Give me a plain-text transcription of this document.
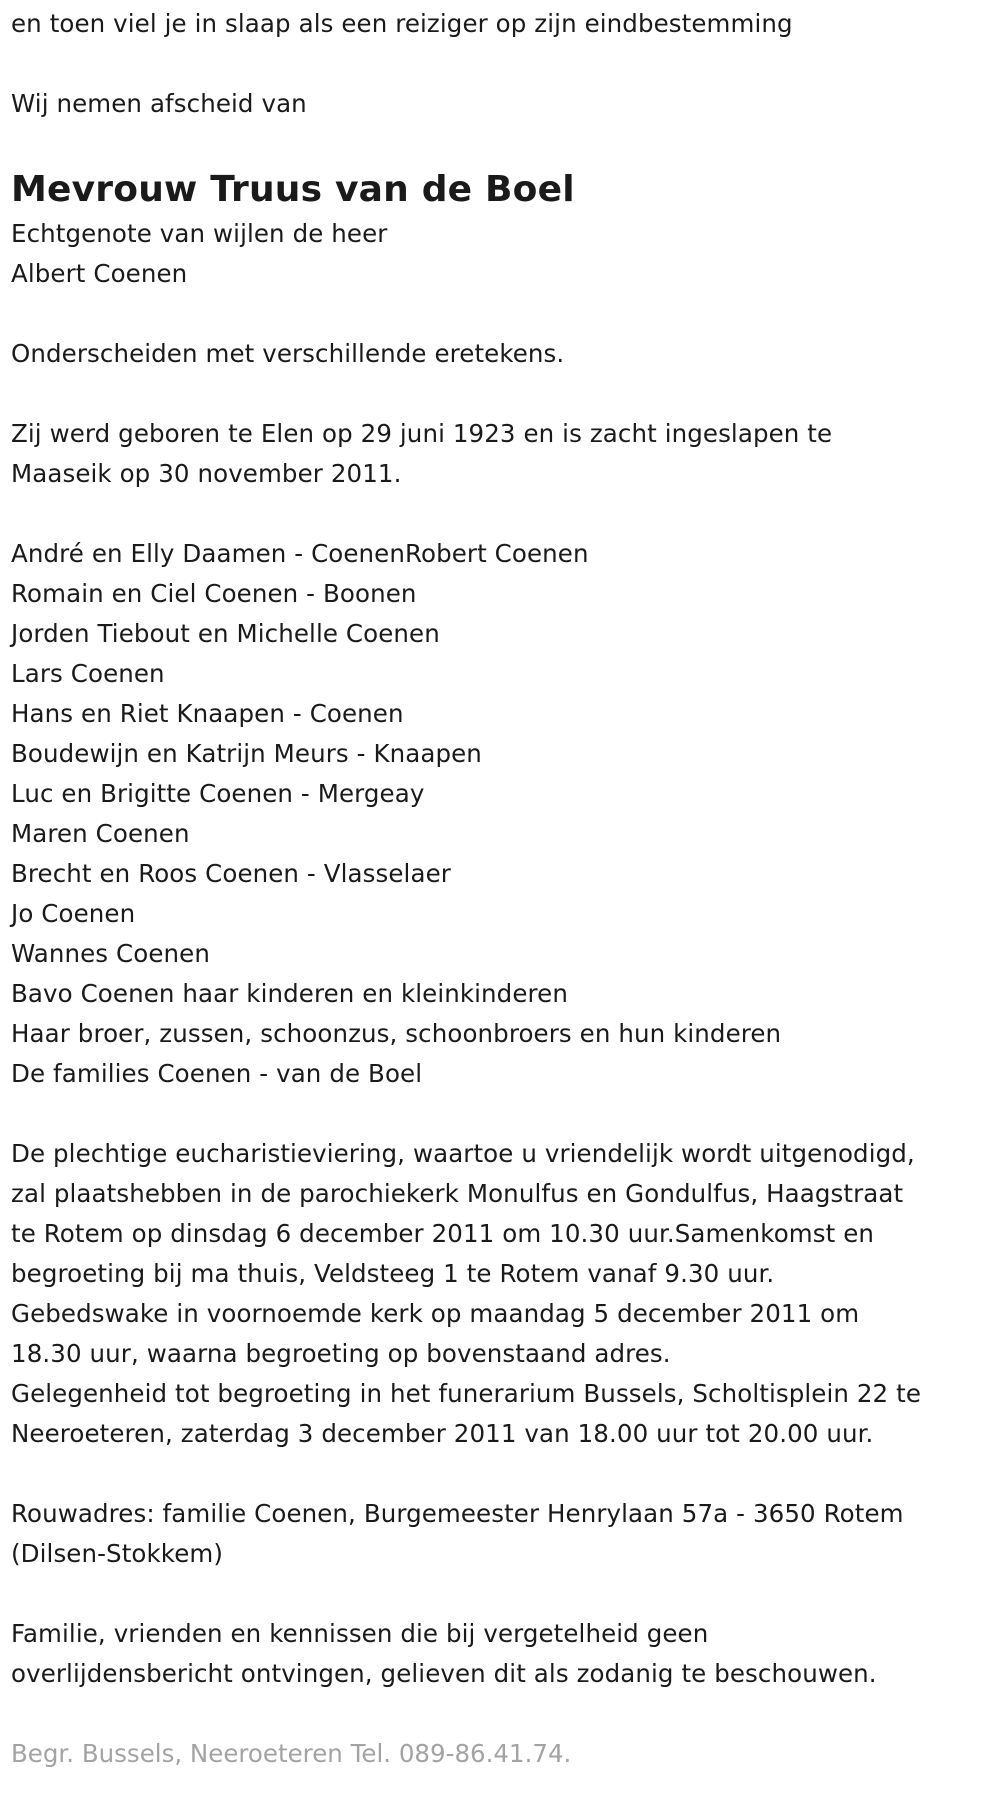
en toen viel je in slaap als een reiziger op zijn eindbestemming
Wij nemen afscheid van
Mevrouw Truus van de Boel
Echtgenote van wijlen de heer
Albert Coenen
Onderscheiden met verschillende eretekens.
Zij werd geboren te Elen op 29 juni 1923 en is zacht ingeslapen te
Maaseik op 30 november 2011.
André en Elly Daamen - CoenenRobert Coenen
Romain en Ciel Coenen - Boonen
Jorden Tiebout en Michelle Coenen
Lars Coenen
Hans en Riet Knaapen - Coenen
Boudewijn en Katrijn Meurs - Knaapen
Luc en Brigitte Coenen - Mergeay
Maren Coenen
Brecht en Roos Coenen - Vlasselaer
Jo Coenen
Wannes Coenen
Bavo Coenen haar kinderen en kleinkinderen
Haar broer, zussen, schoonzus, schoonbroers en hun kinderen
De families Coenen - van de Boel
De plechtige eucharistieviering, waartoe u vriendelijk wordt uitgenodigd,
zal plaatshebben in de parochiekerk Monulfus en Gondulfus, Haagstraat
te Rotem op dinsdag 6 december 2011 om 10.30 uur.Samenkomst en
begroeting bij ma thuis, Veldsteeg 1 te Rotem vanaf 9.30 uur.
Gebedswake in voornoemde kerk op maandag 5 december 2011 om
18.30 uur, waarna begroeting op bovenstaand adres.
Gelegenheid tot begroeting in het funerarium Bussels, Scholtisplein 22 te
Neeroeteren, zaterdag 3 december 2011 van 18.00 uur tot 20.00 uur.
Rouwadres: familie Coenen, Burgemeester Henrylaan 57a - 3650 Rotem
(Dilsen-Stokkem)
Familie, vrienden en kennissen die bij vergetelheid geen
overlijdensbericht ontvingen, gelieven dit als zodanig te beschouwen.
Begr. Bussels, Neeroeteren Tel. 089-86.41.74.
